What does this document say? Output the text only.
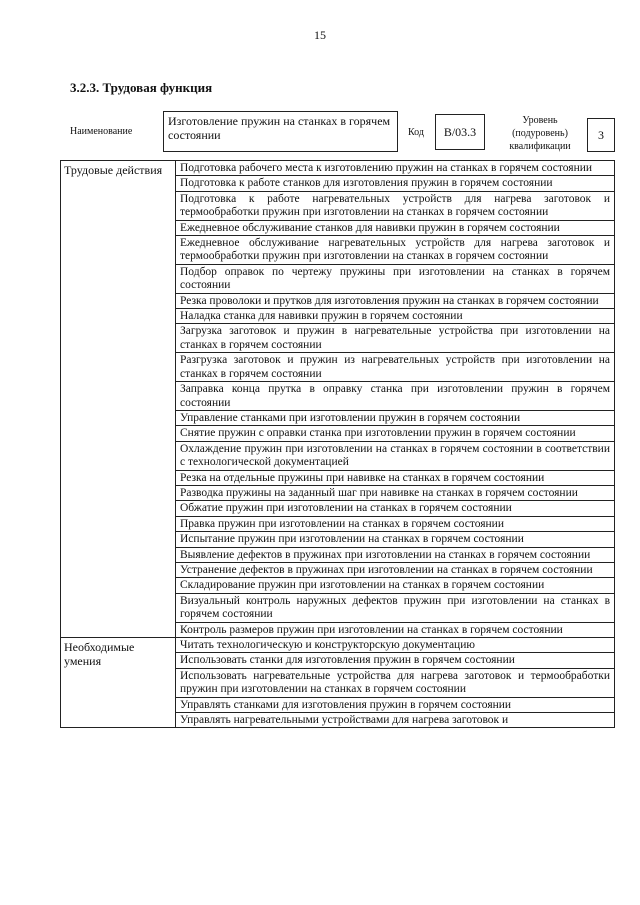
15
3.2.3. Трудовая функция
Наименование
Изготовление пружин на станках в горячем состоянии	Код	B/03.3
Уровень
(подуровень)
квалификации
3
Трудовые действия	Подготовка рабочего места к изготовлению пружин на станках в горячем состоянии
	Подготовка к работе станков для изготовления пружин в горячем состоянии
	Подготовка к работе нагревательных устройств для нагрева заготовок и термообработки пружин при изготовлении на станках в горячем состоянии
	Ежедневное обслуживание станков для навивки пружин в горячем состоянии
	Ежедневное обслуживание нагревательных устройств для нагрева заготовок и термообработки пружин при изготовлении на станках в горячем состоянии
	Подбор оправок по чертежу пружины при изготовлении на станках в горячем состоянии
	Резка проволоки и прутков для изготовления пружин на станках в горячем состоянии
	Наладка станка для навивки пружин в горячем состоянии
	Загрузка заготовок и пружин в нагревательные устройства при изготовлении на станках в горячем состоянии
	Разгрузка заготовок и пружин из нагревательных устройств при изготовлении на станках в горячем состоянии
	Заправка конца прутка в оправку станка при изготовлении пружин в горячем состоянии
	Управление станками при изготовлении пружин в горячем состоянии
	Снятие пружин с оправки станка при изготовлении пружин в горячем состоянии
	Охлаждение пружин при изготовлении на станках в горячем состоянии в соответствии с технологической документацией
	Резка на отдельные пружины при навивке на станках в горячем состоянии
	Разводка пружины на заданный шаг при навивке на станках в горячем состоянии
	Обжатие пружин при изготовлении на станках в горячем состоянии
	Правка пружин при изготовлении на станках в горячем состоянии
	Испытание пружин при изготовлении на станках в горячем состоянии
	Выявление дефектов в пружинах при изготовлении на станках в горячем состоянии
	Устранение дефектов в пружинах при изготовлении на станках в горячем состоянии
	Складирование пружин при изготовлении на станках в горячем состоянии
	Визуальный контроль наружных дефектов пружин при изготовлении на станках в горячем состоянии
	Контроль размеров пружин при изготовлении на станках в горячем состоянии
Необходимые умения	Читать технологическую и конструкторскую документацию
	Использовать станки для изготовления пружин в горячем состоянии
	Использовать нагревательные устройства для нагрева заготовок и термообработки пружин при изготовлении на станках в горячем состоянии
	Управлять станками для изготовления пружин в горячем состоянии
	Управлять нагревательными устройствами для нагрева заготовок и
